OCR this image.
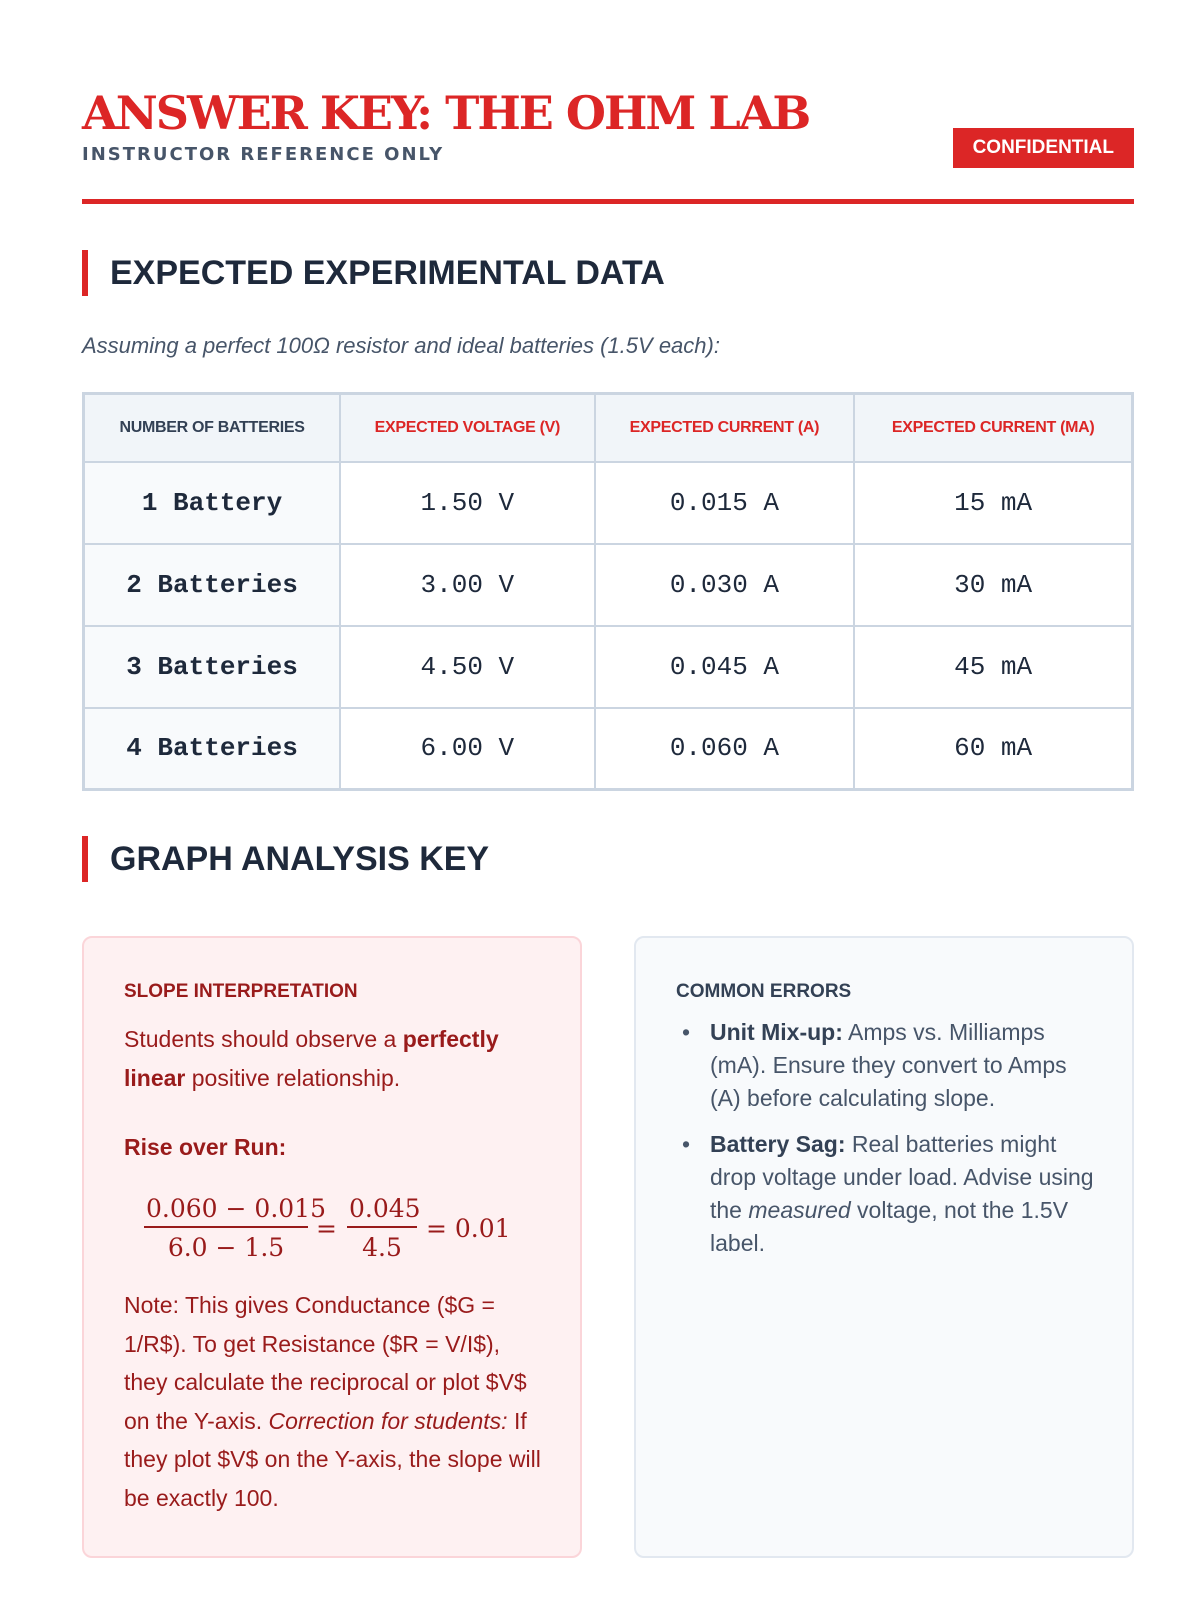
ANSWER KEY: THE OHM LAB
INSTRUCTOR REFERENCE ONLY	CONFIDENTIAL
EXPECTED EXPERIMENTAL DATA
Assuming a perfect 100Ω resistor and ideal batteries (1.5V each):
NUMBER OF BATTERIES	EXPECTED VOLTAGE (V)	EXPECTED CURRENT (A)	EXPECTED CURRENT (MA)
1 Battery	1.50 V	0.015 A	15 mA
2 Batteries	3.00 V	0.030 A	30 mA
3 Batteries	4.50 V	0.045 A	45 mA
4 Batteries	6.00 V	0.060 A	60 mA
GRAPH ANALYSIS KEY
SLOPE INTERPRETATION
Students should observe a perfectly linear positive relationship.
Rise over Run:
$\frac{0.060 - 0.015}{6.0 - 1.5} = \frac{0.045}{4.5} = 0.01$
Note: This gives Conductance ($G = 1/R$). To get Resistance ($R = V/I$), they calculate the reciprocal or plot $V$ on the Y-axis. Correction for students: If they plot $V$ on the Y-axis, the slope will be exactly 100.
COMMON ERRORS
• Unit Mix-up: Amps vs. Milliamps (mA). Ensure they convert to Amps (A) before calculating slope.
• Battery Sag: Real batteries might drop voltage under load. Advise using the measured voltage, not the 1.5V label.
